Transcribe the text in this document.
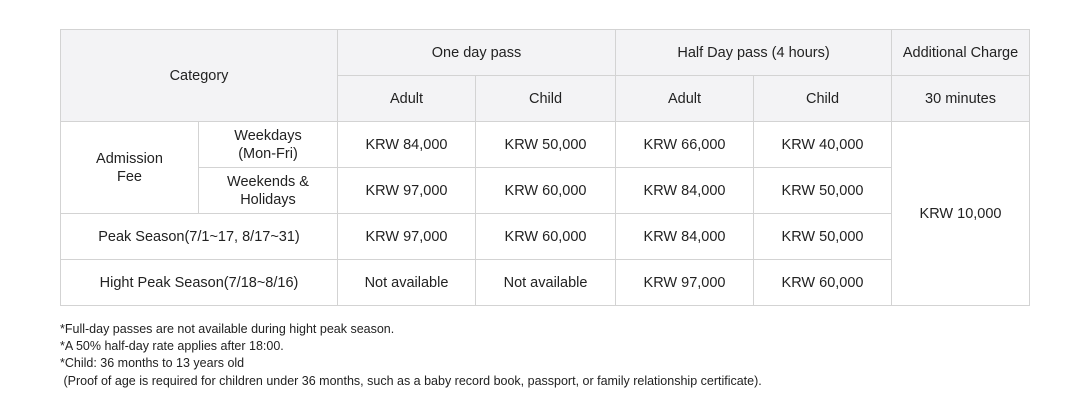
Category		One day pass		Half Day pass (4 hours)		Additional Charge
		Adult	Child	Adult	Child	30 minutes
Admission Fee	Weekdays (Mon-Fri)	KRW 84,000	KRW 50,000	KRW 66,000	KRW 40,000	KRW 10,000
	Weekends & Holidays	KRW 97,000	KRW 60,000	KRW 84,000	KRW 50,000	
Peak Season(7/1~17, 8/17~31)		KRW 97,000	KRW 60,000	KRW 84,000	KRW 50,000	
Hight Peak Season(7/18~8/16)		Not available	Not available	KRW 97,000	KRW 60,000	
*Full-day passes are not available during hight peak season.
*A 50% half-day rate applies after 18:00.
*Child: 36 months to 13 years old
(Proof of age is required for children under 36 months, such as a baby record book, passport, or family relationship certificate).
